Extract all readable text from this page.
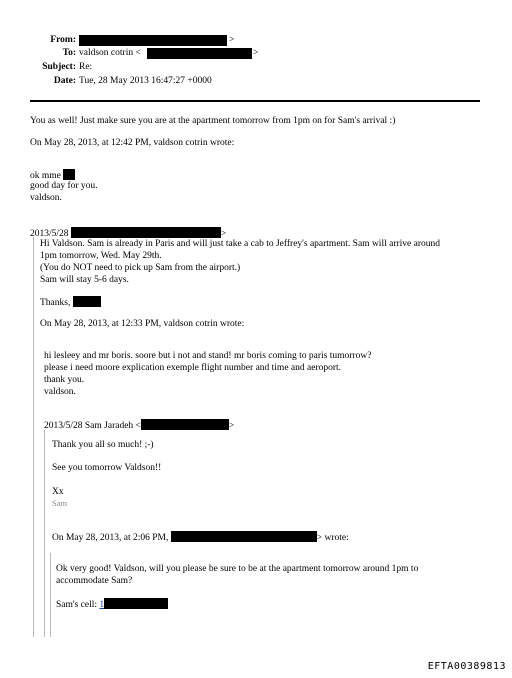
From:	>
To: valdson cotrin <	>
Subject: Re:
Date: Tue, 28 May 2013 16:47:27 +0000
You as well! Just make sure you are at the apartment tomorrow from 1pm on for Sam's arrival :)
On May 28, 2013, at 12:42 PM, valdson cotrin wrote:
ok mme
good day for you.
valdson.
2013/5/28	>
Hi Valdson. Sam is already in Paris and will just take a cab to Jeffrey's apartment. Sam will arrive around
1pm tomorrow, Wed. May 29th.
(You do NOT need to pick up Sam from the airport.)
Sam will stay 5-6 days.
Thanks,
On May 28, 2013, at 12:33 PM, valdson cotrin wrote:
hi lesleey and mr boris. soore but i not and stand! mr boris coming to paris tumorrow?
please i need moore explication exemple flight number and time and aeroport.
thank you.
valdson.
2013/5/28 Sam Jaradeh <	>
Thank you all so much! ;-)
See you tomorrow Valdson!!
Xx
Sam
On May 28, 2013, at 2:06 PM,	> wrote:
Ok very good! Valdson, will you please be sure to be at the apartment tomorrow around 1pm to
accommodate Sam?
Sam's cell: 1
EFTA00389813
